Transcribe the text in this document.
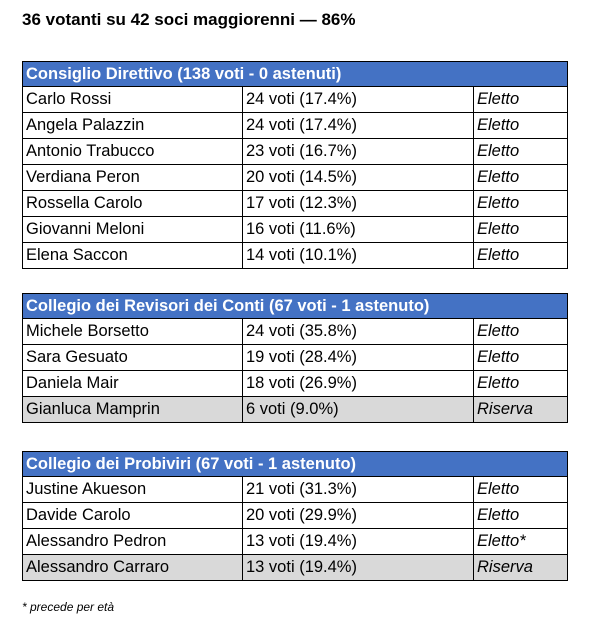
36 votanti su 42 soci maggiorenni — 86%
Consiglio Direttivo (138 voti - 0 astenuti)		
Carlo Rossi	24 voti (17.4%)	Eletto
Angela Palazzin	24 voti (17.4%)	Eletto
Antonio Trabucco	23 voti (16.7%)	Eletto
Verdiana Peron	20 voti (14.5%)	Eletto
Rossella Carolo	17 voti (12.3%)	Eletto
Giovanni Meloni	16 voti (11.6%)	Eletto
Elena Saccon	14 voti (10.1%)	Eletto
Collegio dei Revisori dei Conti (67 voti - 1 astenuto)		
Michele Borsetto	24 voti (35.8%)	Eletto
Sara Gesuato	19 voti (28.4%)	Eletto
Daniela Mair	18 voti (26.9%)	Eletto
Gianluca Mamprin	6 voti (9.0%)	Riserva
Collegio dei Probiviri (67 voti - 1 astenuto)		
Justine Akueson	21 voti (31.3%)	Eletto
Davide Carolo	20 voti (29.9%)	Eletto
Alessandro Pedron	13 voti (19.4%)	Eletto*
Alessandro Carraro	13 voti (19.4%)	Riserva
* precede per età
